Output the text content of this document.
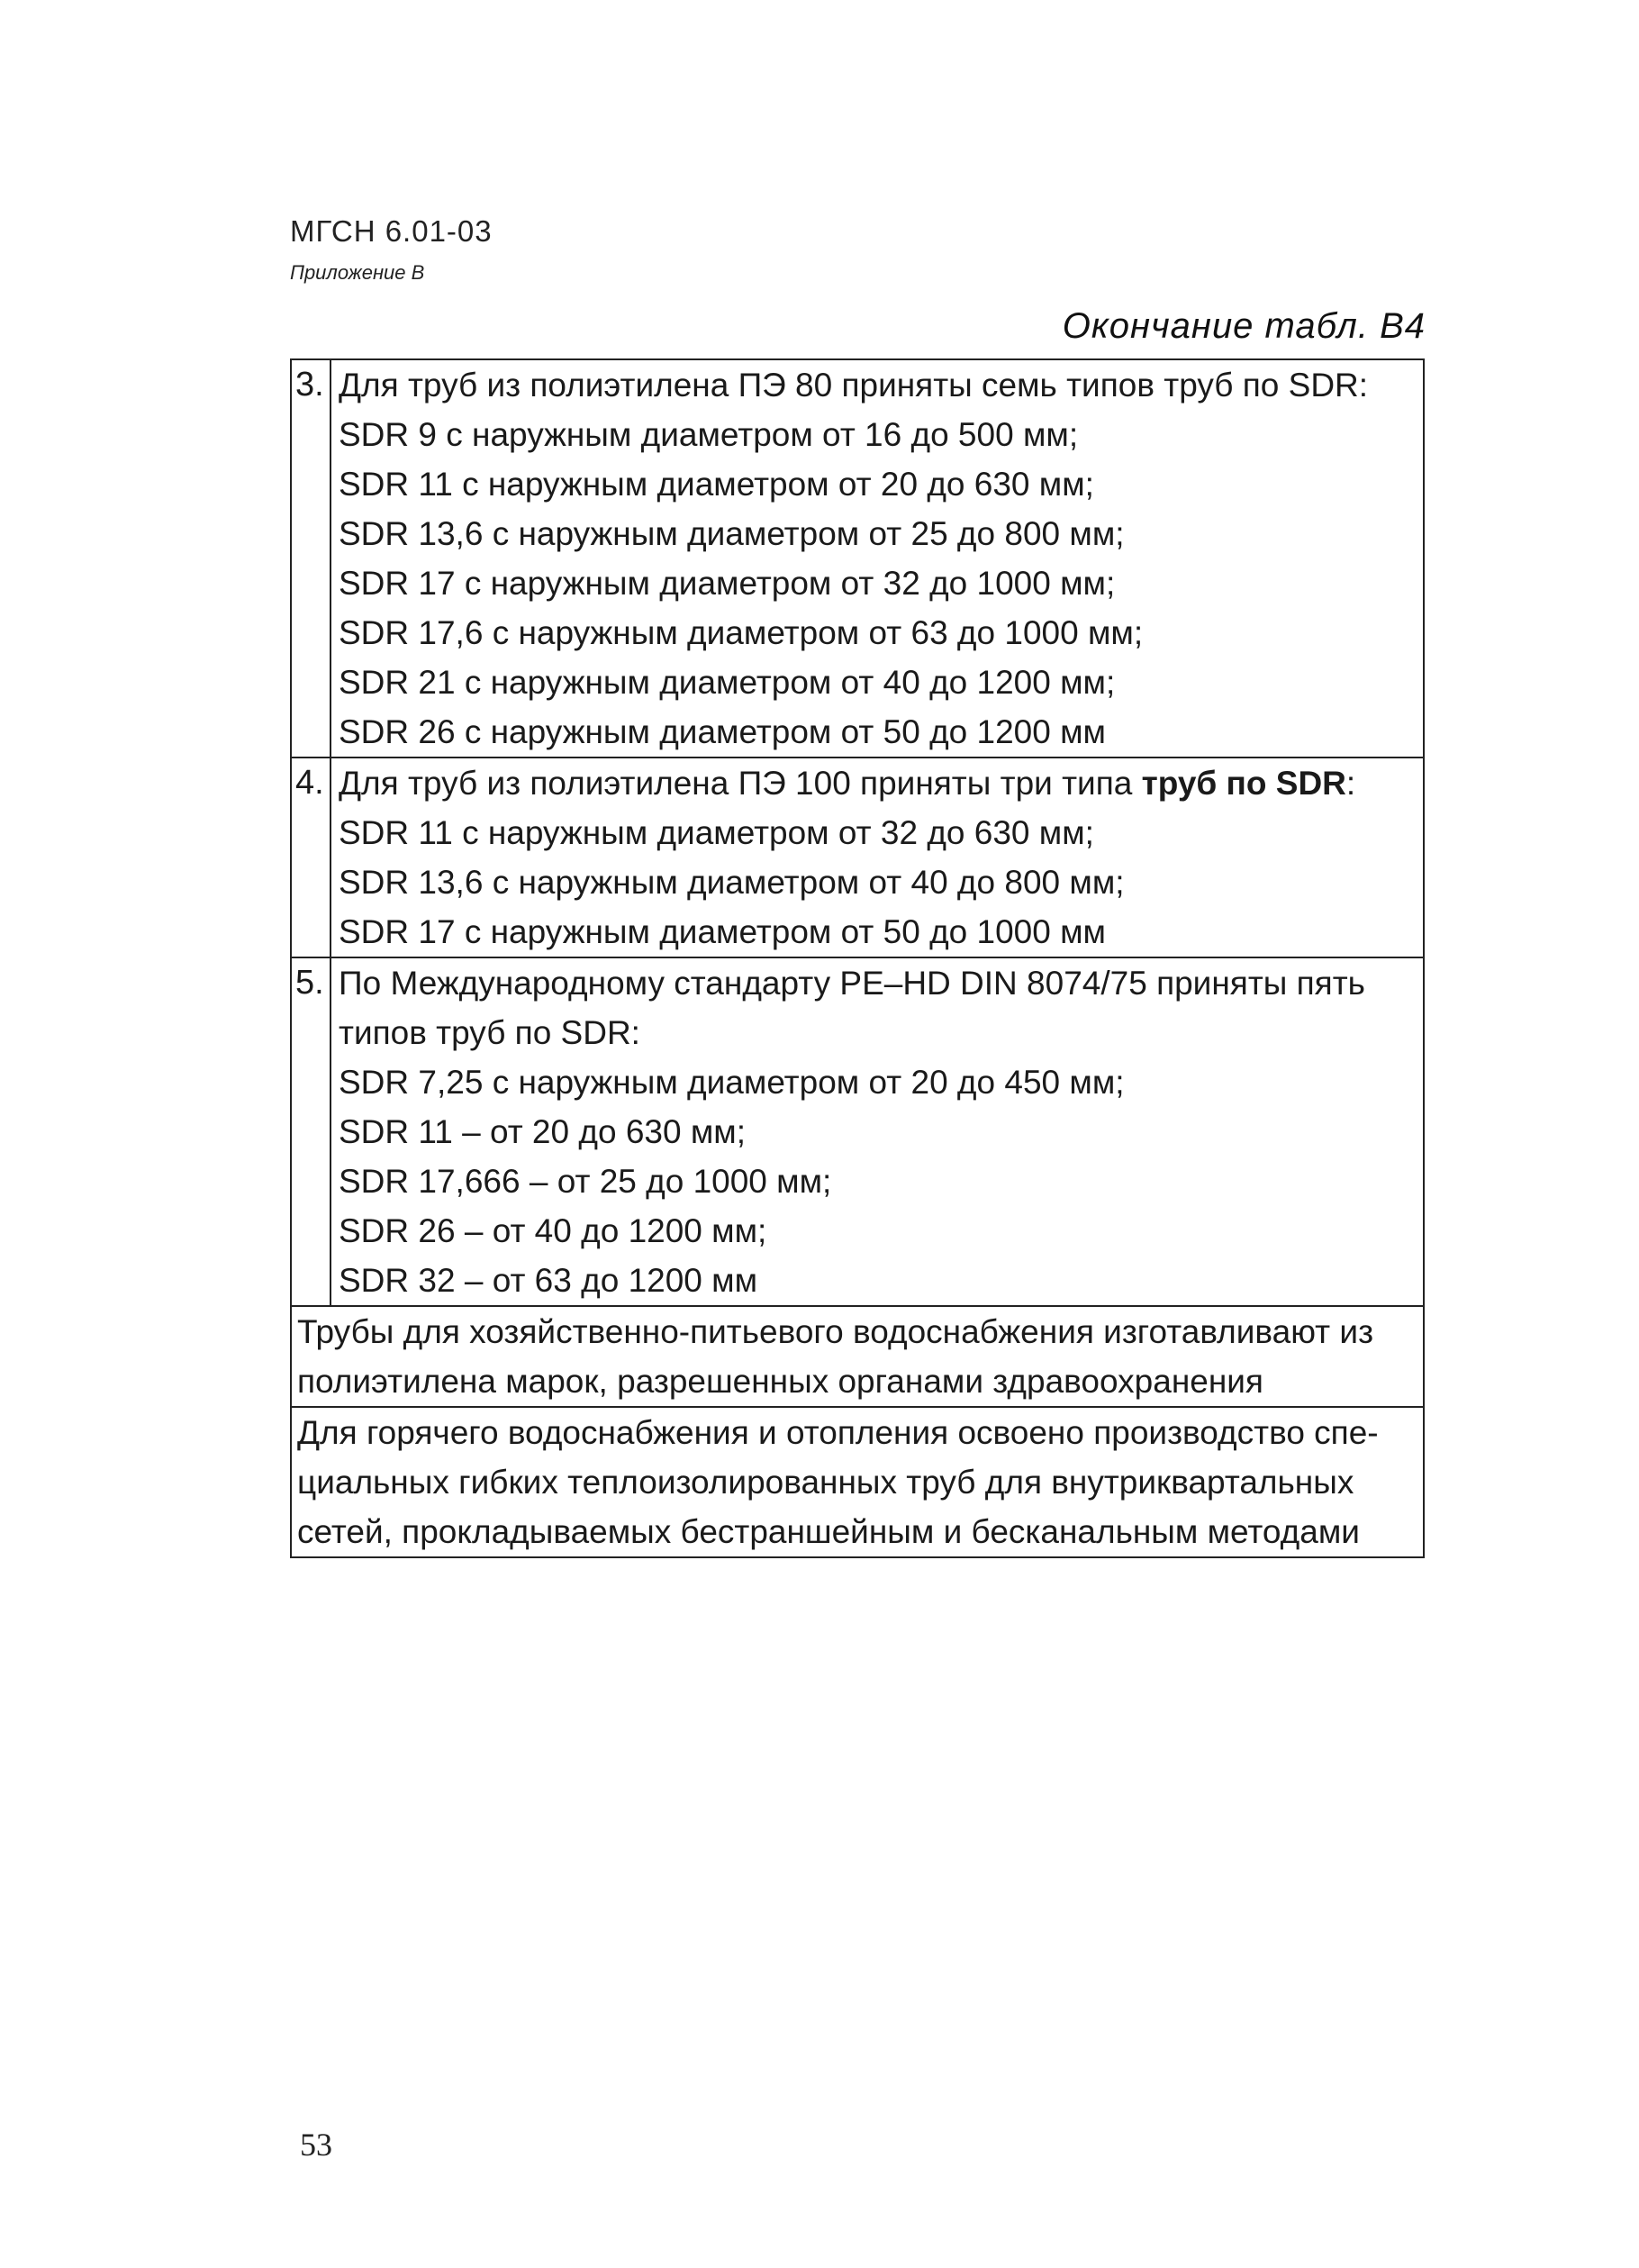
МГСН 6.01-03
Приложение В
Окончание табл. В4
3. Для труб из полиэтилена ПЭ 80 приняты семь типов труб по SDR:
SDR 9 с наружным диаметром от 16 до 500 мм;
SDR 11 с наружным диаметром от 20 до 630 мм;
SDR 13,6 с наружным диаметром от 25 до 800 мм;
SDR 17 с наружным диаметром от 32 до 1000 мм;
SDR 17,6 с наружным диаметром от 63 до 1000 мм;
SDR 21 с наружным диаметром от 40 до 1200 мм;
SDR 26 с наружным диаметром от 50 до 1200 мм
4. Для труб из полиэтилена ПЭ 100 приняты три типа труб по SDR:
SDR 11 с наружным диаметром от 32 до 630 мм;
SDR 13,6 с наружным диаметром от 40 до 800 мм;
SDR 17 с наружным диаметром от 50 до 1000 мм
5. По Международному стандарту PE–HD DIN 8074/75 приняты пять
типов труб по SDR:
SDR 7,25 с наружным диаметром от 20 до 450 мм;
SDR 11 – от 20 до 630 мм;
SDR 17,666 – от 25 до 1000 мм;
SDR 26 – от 40 до 1200 мм;
SDR 32 – от 63 до 1200 мм
Трубы для хозяйственно-питьевого водоснабжения изготавливают из
полиэтилена марок, разрешенных органами здравоохранения
Для горячего водоснабжения и отопления освоено производство спе-
циальных гибких теплоизолированных труб для внутриквартальных
сетей, прокладываемых бестраншейным и бесканальным методами
53
